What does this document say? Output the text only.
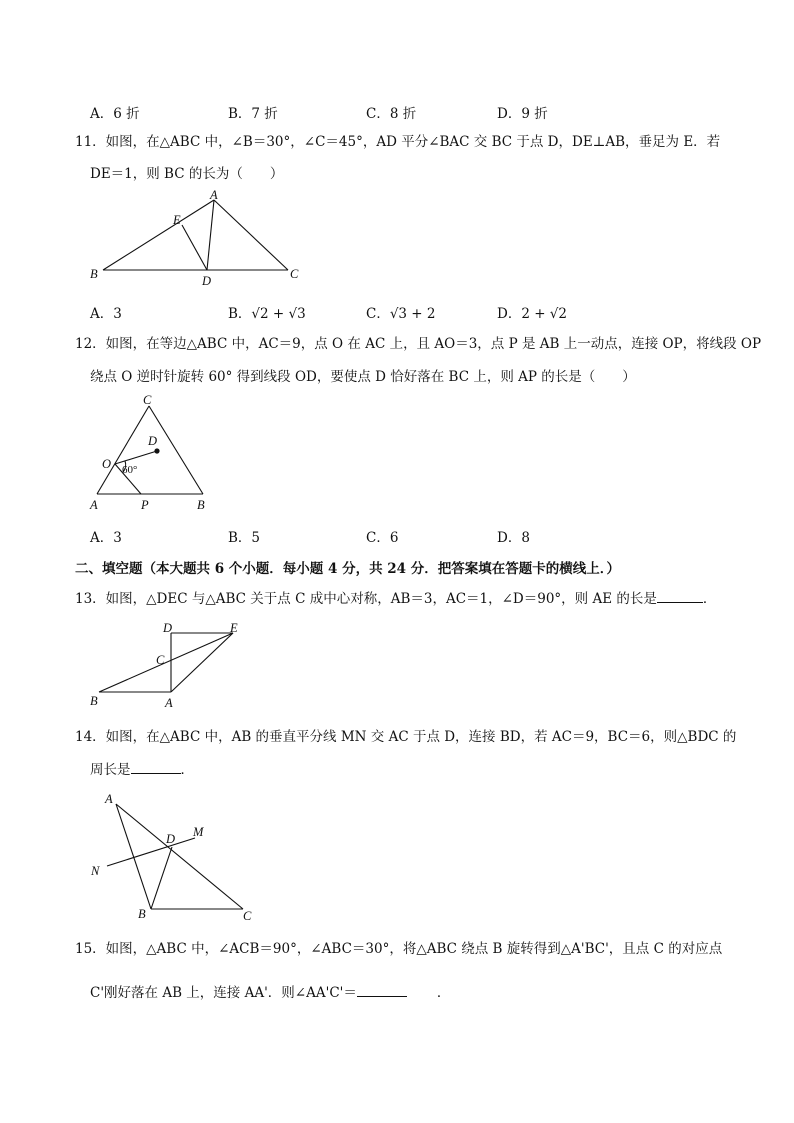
A．6 折	B．7 折	C．8 折	D．9 折
11．如图，在△ABC 中，∠B＝30°，∠C＝45°，AD 平分∠BAC 交 BC 于点 D，DE⊥AB，垂足为 E．若
DE＝1，则 BC 的长为（　　）
A
E
B	D	C
A．3	B．√2 + √3	C．√3 + 2	D．2 + √2
12．如图，在等边△ABC 中，AC＝9，点 O 在 AC 上，且 AO＝3，点 P 是 AB 上一动点，连接 OP，将线段 OP
绕点 O 逆时针旋转 60° 得到线段 OD，要使点 D 恰好落在 BC 上，则 AP 的长是（　　）
C
D
O 60°
A	P	B
A．3	B．5	C．6	D．8
二、填空题（本大题共 6 个小题．每小题 4 分，共 24 分．把答案填在答题卡的横线上．）
13．如图，△DEC 与△ABC 关于点 C 成中心对称，AB＝3，AC＝1，∠D＝90°，则 AE 的长是	．
D	E
C
B	A
14．如图，在△ABC 中，AB 的垂直平分线 MN 交 AC 于点 D，连接 BD，若 AC＝9，BC＝6，则△BDC 的
周长是	．
A
D M
N
B	C
15．如图，△ABC 中，∠ACB＝90°，∠ABC＝30°，将△ABC 绕点 B 旋转得到△A'BC'，且点 C 的对应点
C'刚好落在 AB 上，连接 AA'．则∠AA'C'＝	．
